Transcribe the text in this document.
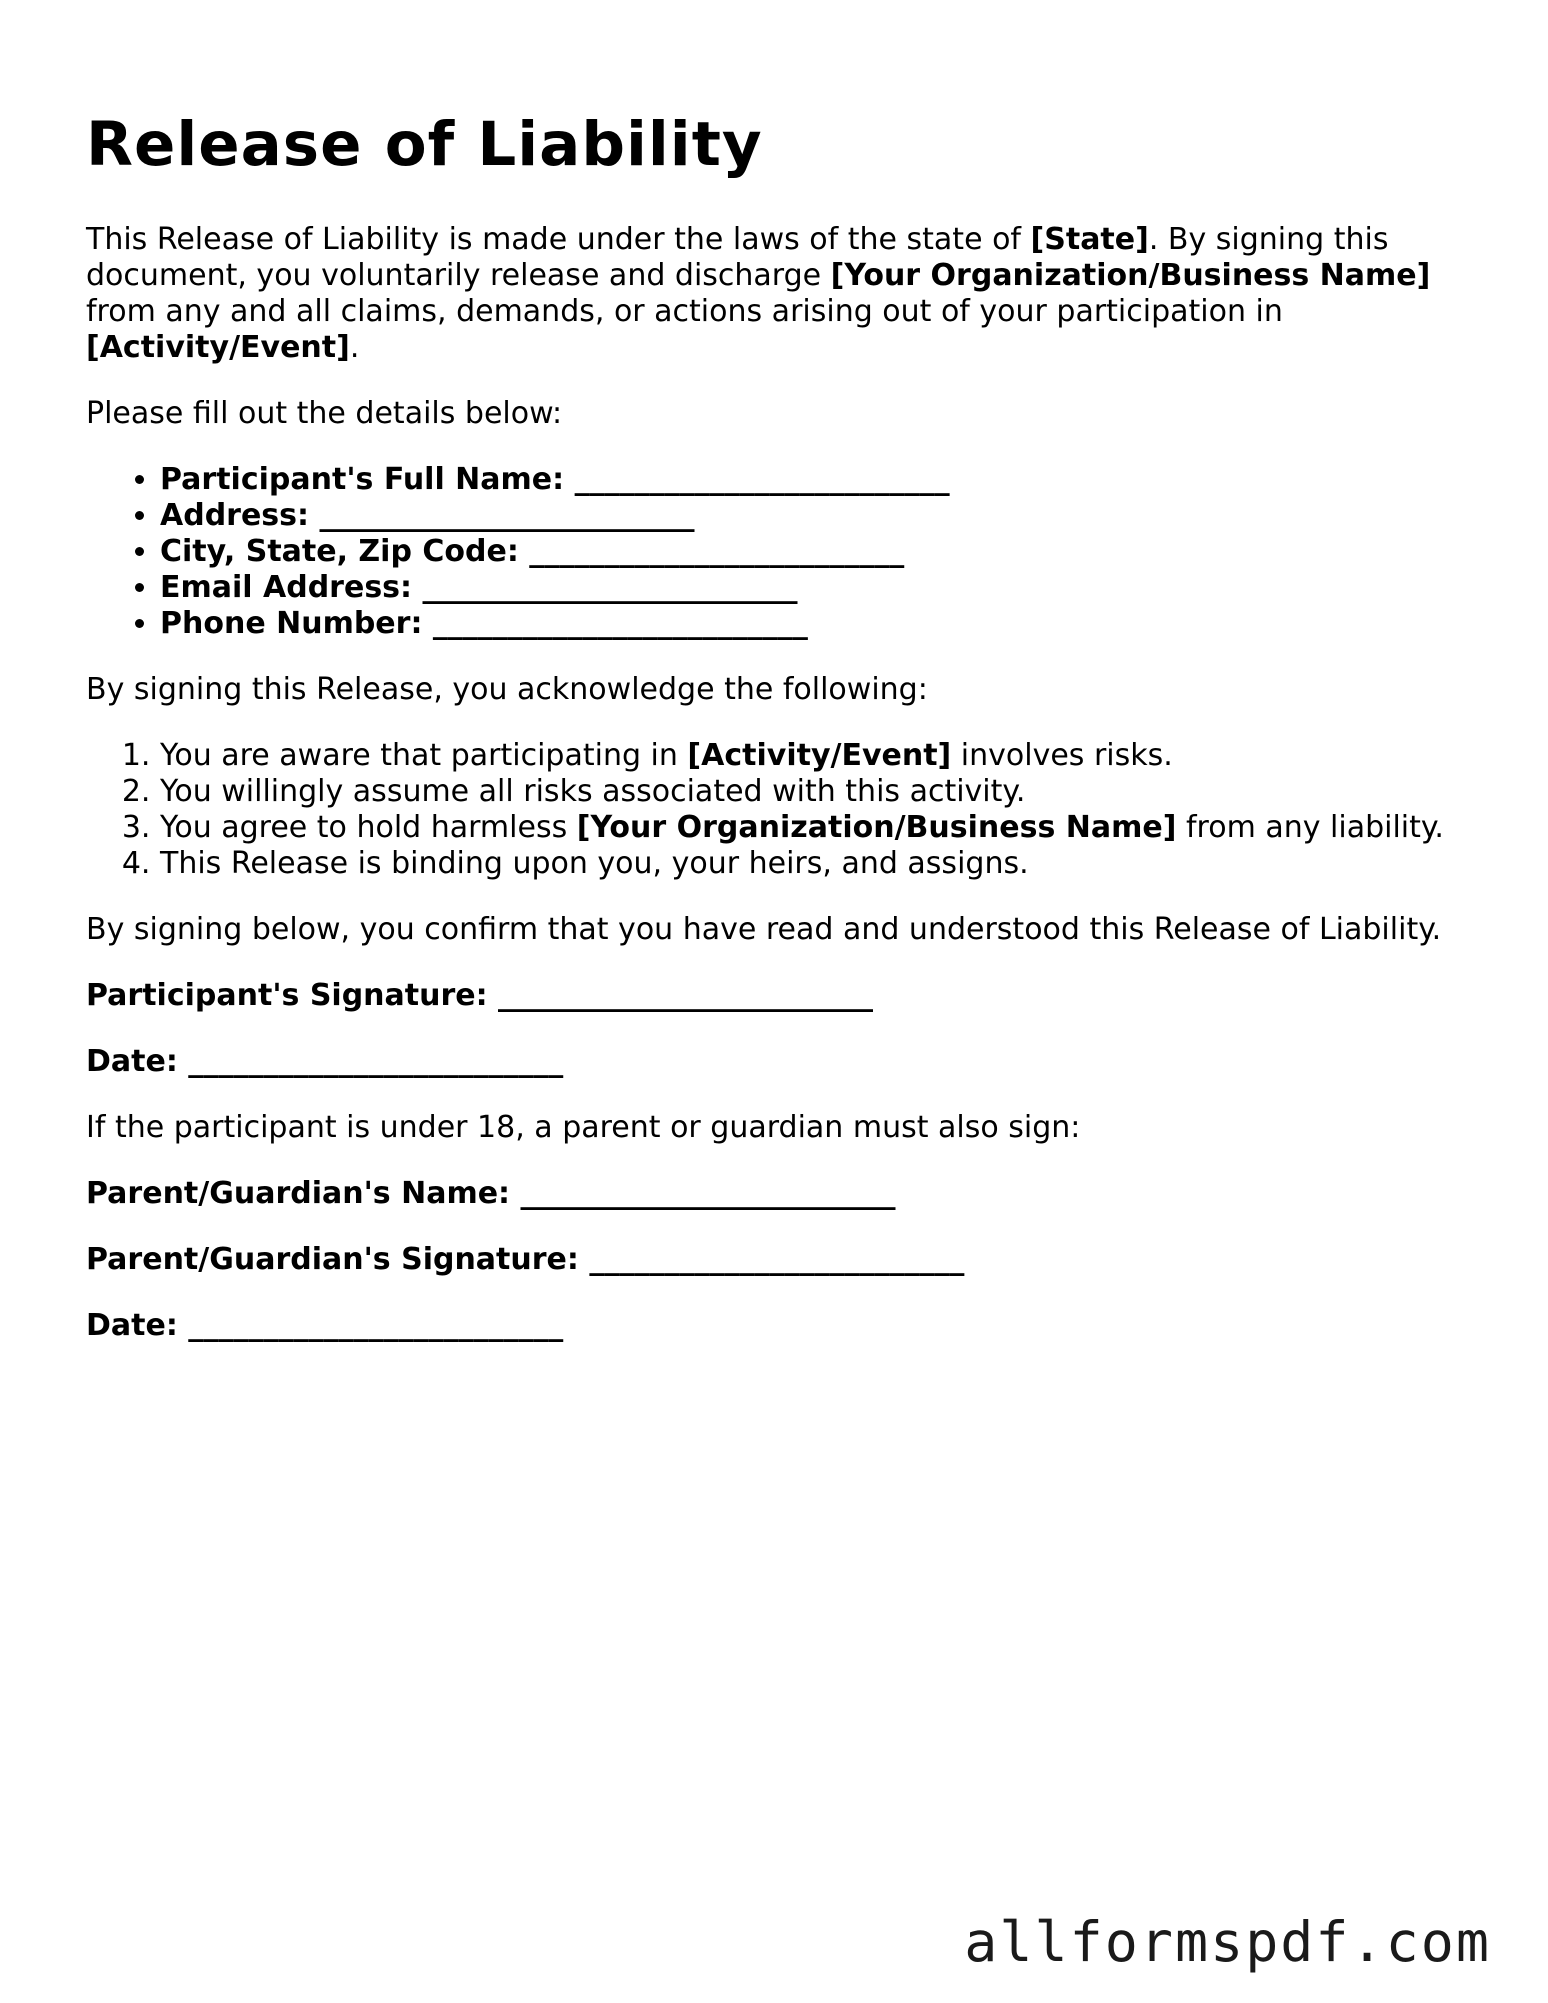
Release of Liability

This Release of Liability is made under the laws of the state of [State]. By signing this document, you voluntarily release and discharge [Your Organization/Business Name] from any and all claims, demands, or actions arising out of your participation in [Activity/Event].

Please fill out the details below:

• Participant's Full Name: _________________________
• Address: _________________________
• City, State, Zip Code: _________________________
• Email Address: _________________________
• Phone Number: _________________________

By signing this Release, you acknowledge the following:

1. You are aware that participating in [Activity/Event] involves risks.
2. You willingly assume all risks associated with this activity.
3. You agree to hold harmless [Your Organization/Business Name] from any liability.
4. This Release is binding upon you, your heirs, and assigns.

By signing below, you confirm that you have read and understood this Release of Liability.

Participant's Signature: _________________________

Date: _________________________

If the participant is under 18, a parent or guardian must also sign:

Parent/Guardian's Name: _________________________

Parent/Guardian's Signature: _________________________

Date: _________________________

allformspdf.com
